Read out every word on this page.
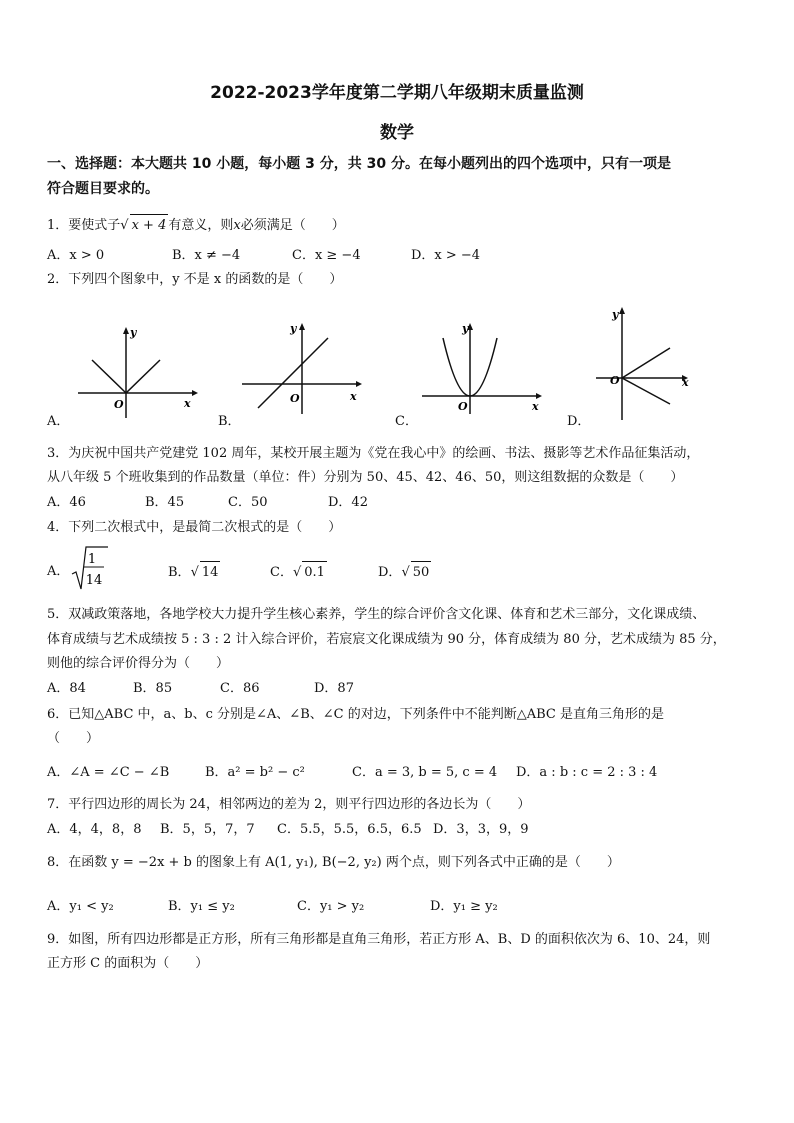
2022-2023学年度第二学期八年级期末质量监测
数学
一、选择题：本大题共 10 小题，每小题 3 分，共 30 分。在每小题列出的四个选项中，只有一项是
符合题目要求的。
1．要使式子√ x + 4 有意义，则x必须满足（　　）
A．x > 0	B．x ≠ −4	C．x ≥ −4	D．x > −4
2．下列四个图象中，y 不是 x 的函数的是（　　）
y
x
O
A．
y
x
O
B．
y
x
O
C．
y
x
O
D．
3．为庆祝中国共产党建党 102 周年，某校开展主题为《党在我心中》的绘画、书法、摄影等艺术作品征集活动，
从八年级 5 个班收集到的作品数量（单位：件）分别为 50、45、42、46、50，则这组数据的众数是（　　）
A．46	B．45	C．50	D．42
4．下列二次根式中，是最简二次根式的是（　　）
A．
1
14
B．√ 14	C．√ 0.1	D．√ 50
5．双减政策落地，各地学校大力提升学生核心素养，学生的综合评价含文化课、体育和艺术三部分，文化课成绩、
体育成绩与艺术成绩按 5 : 3 : 2 计入综合评价，若宸宸文化课成绩为 90 分，体育成绩为 80 分，艺术成绩为 85 分，
则他的综合评价得分为（　　）
A．84	B．85	C．86	D．87
6．已知△ABC 中，a、b、c 分别是∠A、∠B、∠C 的对边，下列条件中不能判断△ABC 是直角三角形的是
（　　）
A．∠A = ∠C − ∠B	B．a² = b² − c²	C．a = 3, b = 5, c = 4 D．a : b : c = 2 : 3 : 4
7．平行四边形的周长为 24，相邻两边的差为 2，则平行四边形的各边长为（　　）
A．4，4，8，8 B．5，5，7，7 C．5.5，5.5，6.5，6.5 D．3，3，9，9
8．在函数 y = −2x + b 的图象上有 A(1, y₁), B(−2, y₂) 两个点，则下列各式中正确的是（　　）
A．y₁ < y₂	B．y₁ ≤ y₂	C．y₁ > y₂	D．y₁ ≥ y₂
9．如图，所有四边形都是正方形，所有三角形都是直角三角形，若正方形 A、B、D 的面积依次为 6、10、24，则
正方形 C 的面积为（　　）
